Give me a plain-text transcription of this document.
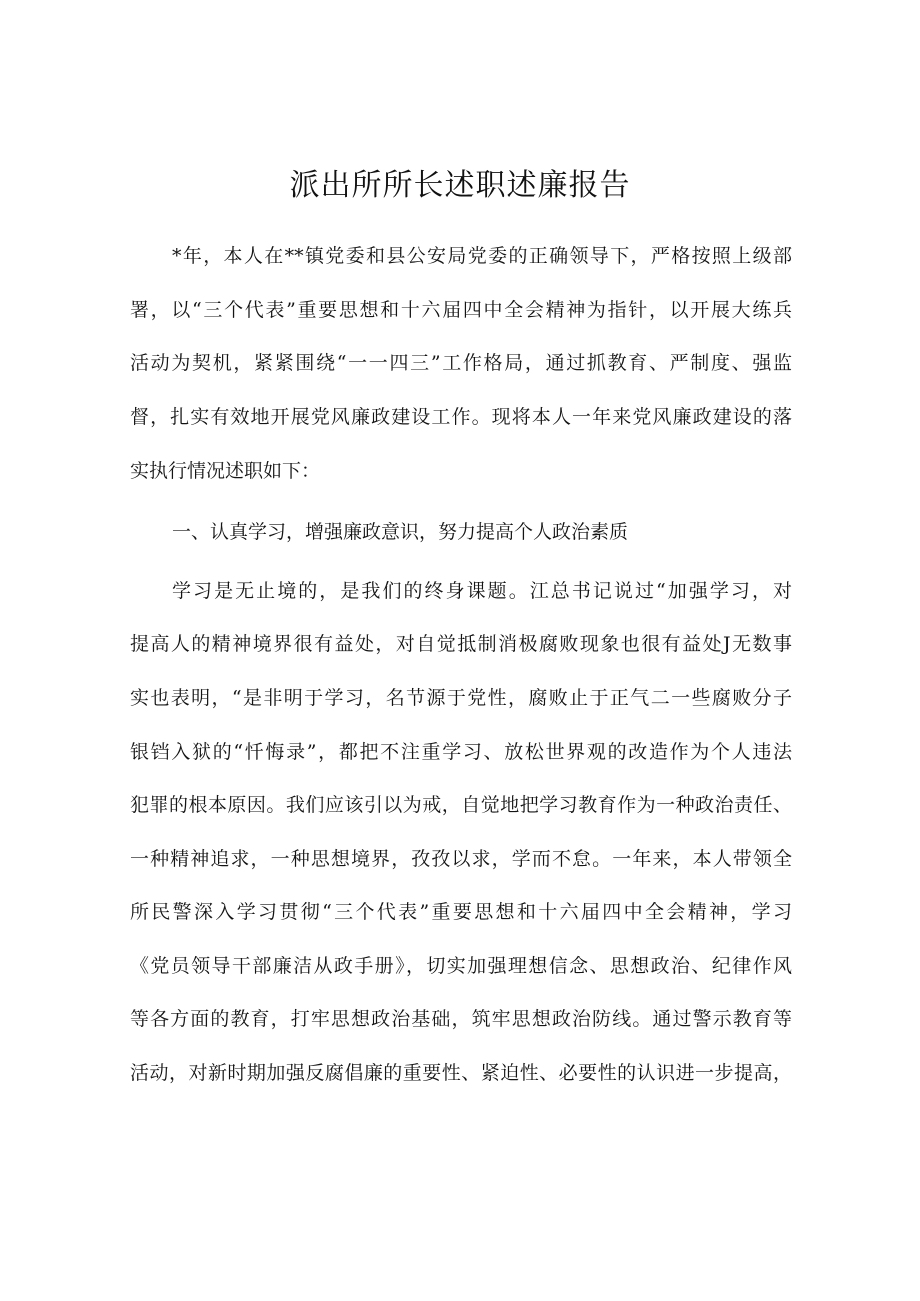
派出所所长述职述廉报告
*年，本人在**镇党委和县公安局党委的正确领导下，严格按照上级部
署，以“三个代表”重要思想和十六届四中全会精神为指针，以开展大练兵
活动为契机，紧紧围绕“一一四三”工作格局，通过抓教育、严制度、强监
督，扎实有效地开展党风廉政建设工作。现将本人一年来党风廉政建设的落
实执行情况述职如下：
一、认真学习，增强廉政意识，努力提高个人政治素质
学习是无止境的，是我们的终身课题。江总书记说过“加强学习，对
提高人的精神境界很有益处，对自觉抵制消极腐败现象也很有益处J无数事
实也表明，“是非明于学习，名节源于党性，腐败止于正气二一些腐败分子
银铛入狱的“忏悔录”，都把不注重学习、放松世界观的改造作为个人违法
犯罪的根本原因。我们应该引以为戒，自觉地把学习教育作为一种政治责任、
一种精神追求，一种思想境界，孜孜以求，学而不怠。一年来，本人带领全
所民警深入学习贯彻“三个代表”重要思想和十六届四中全会精神，学习
《党员领导干部廉洁从政手册》，切实加强理想信念、思想政治、纪律作风
等各方面的教育，打牢思想政治基础，筑牢思想政治防线。通过警示教育等
活动，对新时期加强反腐倡廉的重要性、紧迫性、必要性的认识进一步提高，
